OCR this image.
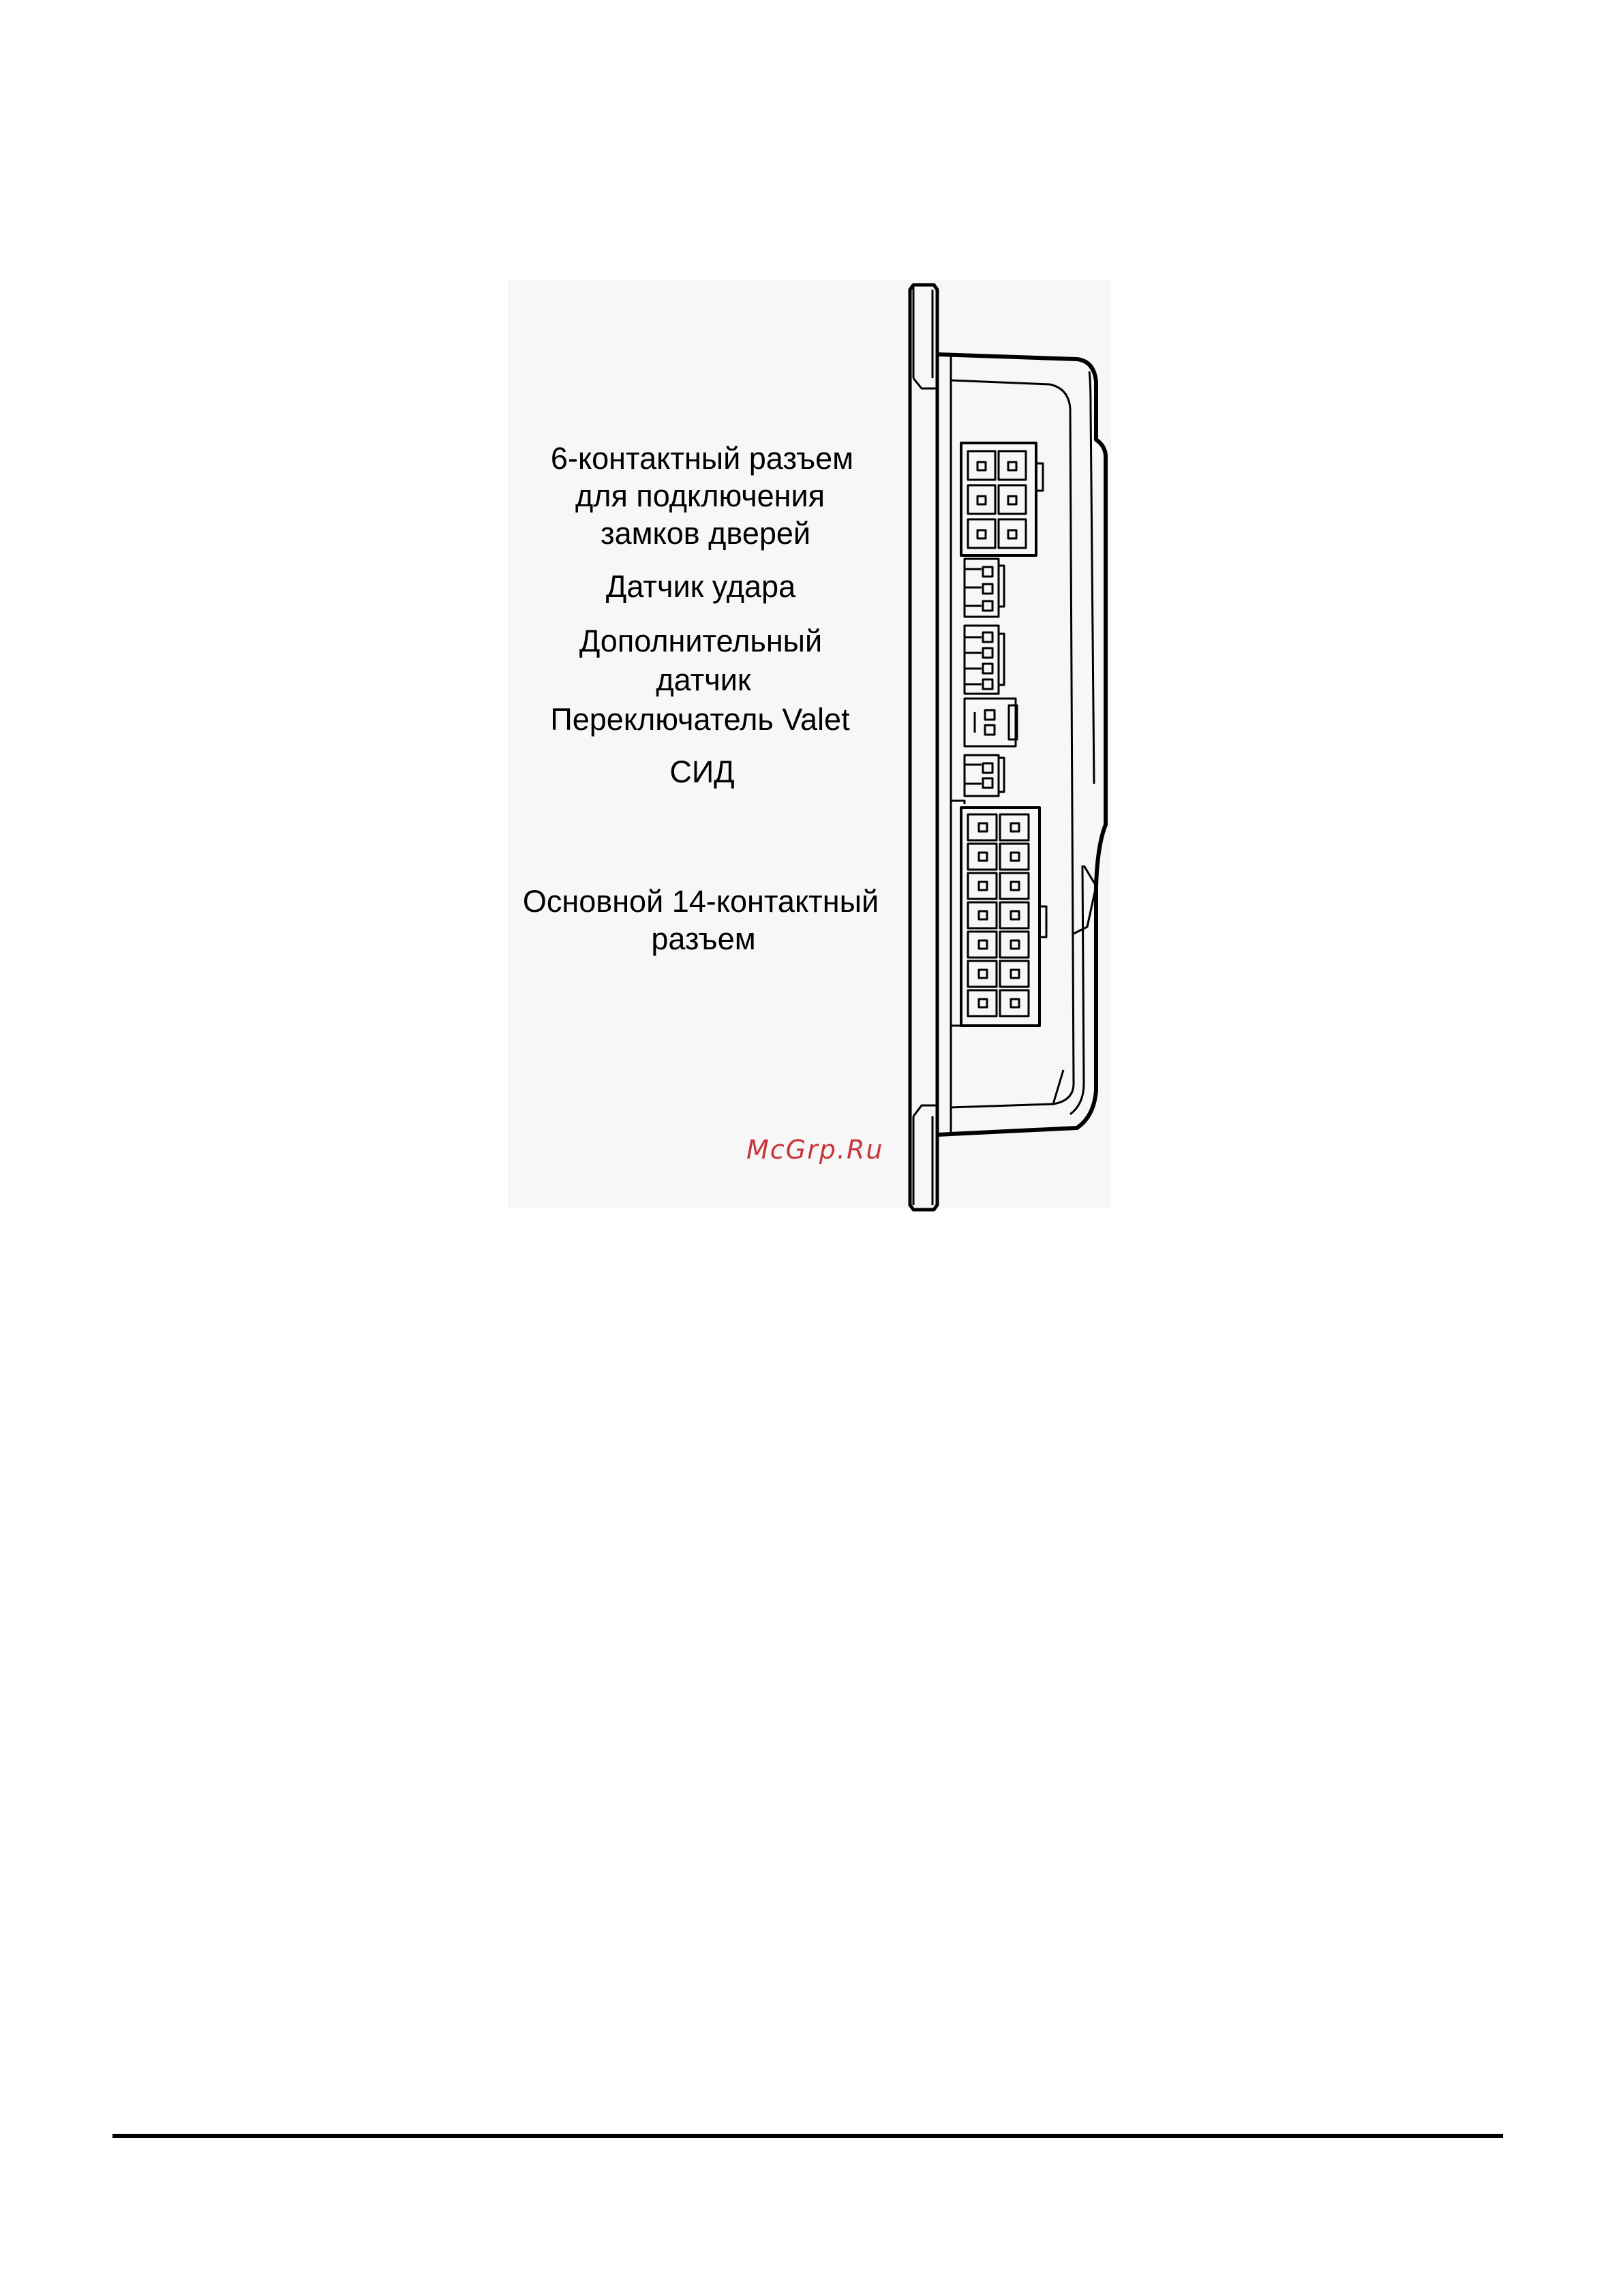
6-контактный разъем
для подключения
замков дверей
Датчик удара
Дополнительный
датчик
Переключатель Valet
СИД
Основной 14-контактный
разъем
McGrp.Ru
